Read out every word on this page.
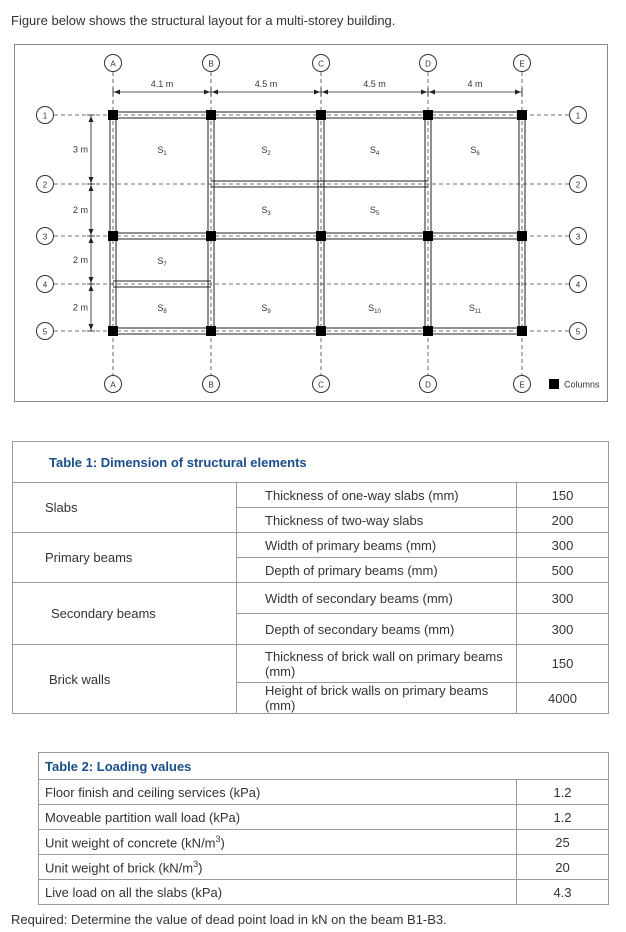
Figure below shows the structural layout for a multi-storey building.
A
A
B
B
C
C
D
D
E
E
1	1
2	2
3	3
4	4
5	5
4.1 m	4.5 m	4.5 m	4 m
3 m
2 m
2 m
2 m
$S_1$	$S_2$
$S_3$
$S_4$
$S_5$
$S_6$
$S_7$
$S_8$	$S_9$	$S_{10}$	$S_{11}$
Columns
Table 1: Dimension of structural elements		
Slabs	Thickness of one-way slabs (mm)	150
	Thickness of two-way slabs	200
Primary beams	Width of primary beams (mm)	300
	Depth of primary beams (mm)	500
Secondary beams	Width of secondary beams (mm)	300
	Depth of secondary beams (mm)	300
Brick walls	Thickness of brick wall on primary beams (mm)	150
	Height of brick walls on primary beams (mm)	4000
Table 2: Loading values	
Floor finish and ceiling services (kPa)	1.2
Moveable partition wall load (kPa)	1.2
Unit weight of concrete $(kN/m^3)$	25
Unit weight of brick $(kN/m^3)$	20
Live load on all the slabs (kPa)	4.3
Required: Determine the value of dead point load in kN on the beam B1-B3.
